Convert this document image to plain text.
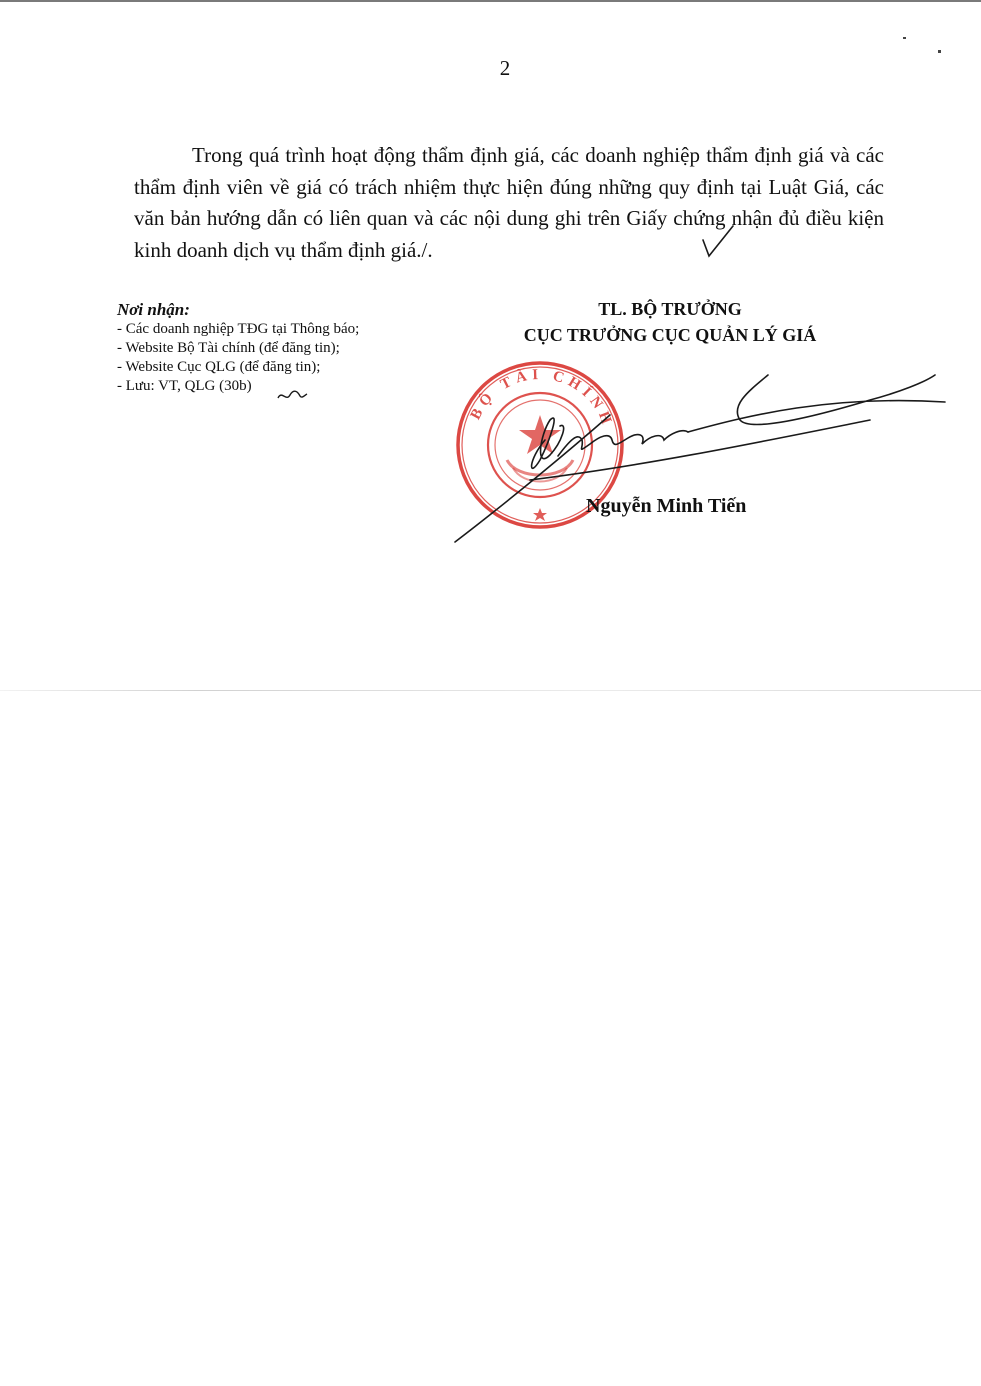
2

Trong quá trình hoạt động thẩm định giá, các doanh nghiệp thẩm định giá và các thẩm định viên về giá có trách nhiệm thực hiện đúng những quy định tại Luật Giá, các văn bản hướng dẫn có liên quan và các nội dung ghi trên Giấy chứng nhận đủ điều kiện kinh doanh dịch vụ thẩm định giá./.

Nơi nhận:
- Các doanh nghiệp TĐG tại Thông báo;
- Website Bộ Tài chính (để đăng tin);
- Website Cục QLG (để đăng tin);
- Lưu: VT, QLG (30b)
TL. BỘ TRƯỞNG
CỤC TRƯỞNG CỤC QUẢN LÝ GIÁ
BỘ TÀI CHÍNH
Nguyễn Minh Tiến
